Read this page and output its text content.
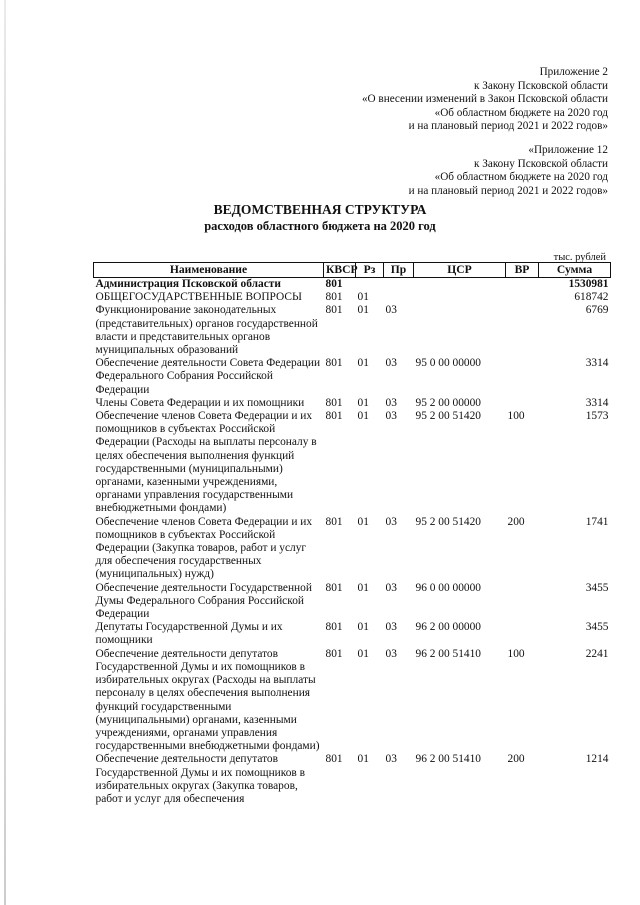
Приложение 2
к Закону Псковской области
«О внесении изменений в Закон Псковской области
«Об областном бюджете на 2020 год
и на плановый период 2021 и 2022 годов»
«Приложение 12
к Закону Псковской области
«Об областном бюджете на 2020 год
и на плановый период 2021 и 2022 годов»
ВЕДОМСТВЕННАЯ СТРУКТУРА
расходов областного бюджета на 2020 год
тыс. рублей
Наименование	КВСР	Рз	Пр	ЦСР	ВР	Сумма
Администрация Псковской области	801					1530981
ОБЩЕГОСУДАРСТВЕННЫЕ ВОПРОСЫ	801	01				618742
Функционирование законодательных (представительных) органов государственной власти и представительных органов муниципальных образований	801	01	03			6769
Обеспечение деятельности Совета Федерации Федерального Собрания Российской Федерации	801	01	03	95 0 00 00000		3314
Члены Совета Федерации и их помощники	801	01	03	95 2 00 00000		3314
Обеспечение членов Совета Федерации и их помощников в субъектах Российской Федерации (Расходы на выплаты персоналу в целях обеспечения выполнения функций государственными (муниципальными) органами, казенными учреждениями, органами управления государственными внебюджетными фондами)	801	01	03	95 2 00 51420	100	1573
Обеспечение членов Совета Федерации и их помощников в субъектах Российской Федерации (Закупка товаров, работ и услуг для обеспечения государственных (муниципальных) нужд)	801	01	03	95 2 00 51420	200	1741
Обеспечение деятельности Государственной Думы Федерального Собрания Российской Федерации	801	01	03	96 0 00 00000		3455
Депутаты Государственной Думы и их помощники	801	01	03	96 2 00 00000		3455
Обеспечение деятельности депутатов Государственной Думы и их помощников в избирательных округах (Расходы на выплаты персоналу в целях обеспечения выполнения функций государственными (муниципальными) органами, казенными учреждениями, органами управления государственными внебюджетными фондами)	801	01	03	96 2 00 51410	100	2241
Обеспечение деятельности депутатов Государственной Думы и их помощников в избирательных округах (Закупка товаров, работ и услуг для обеспечения	801	01	03	96 2 00 51410	200	1214
